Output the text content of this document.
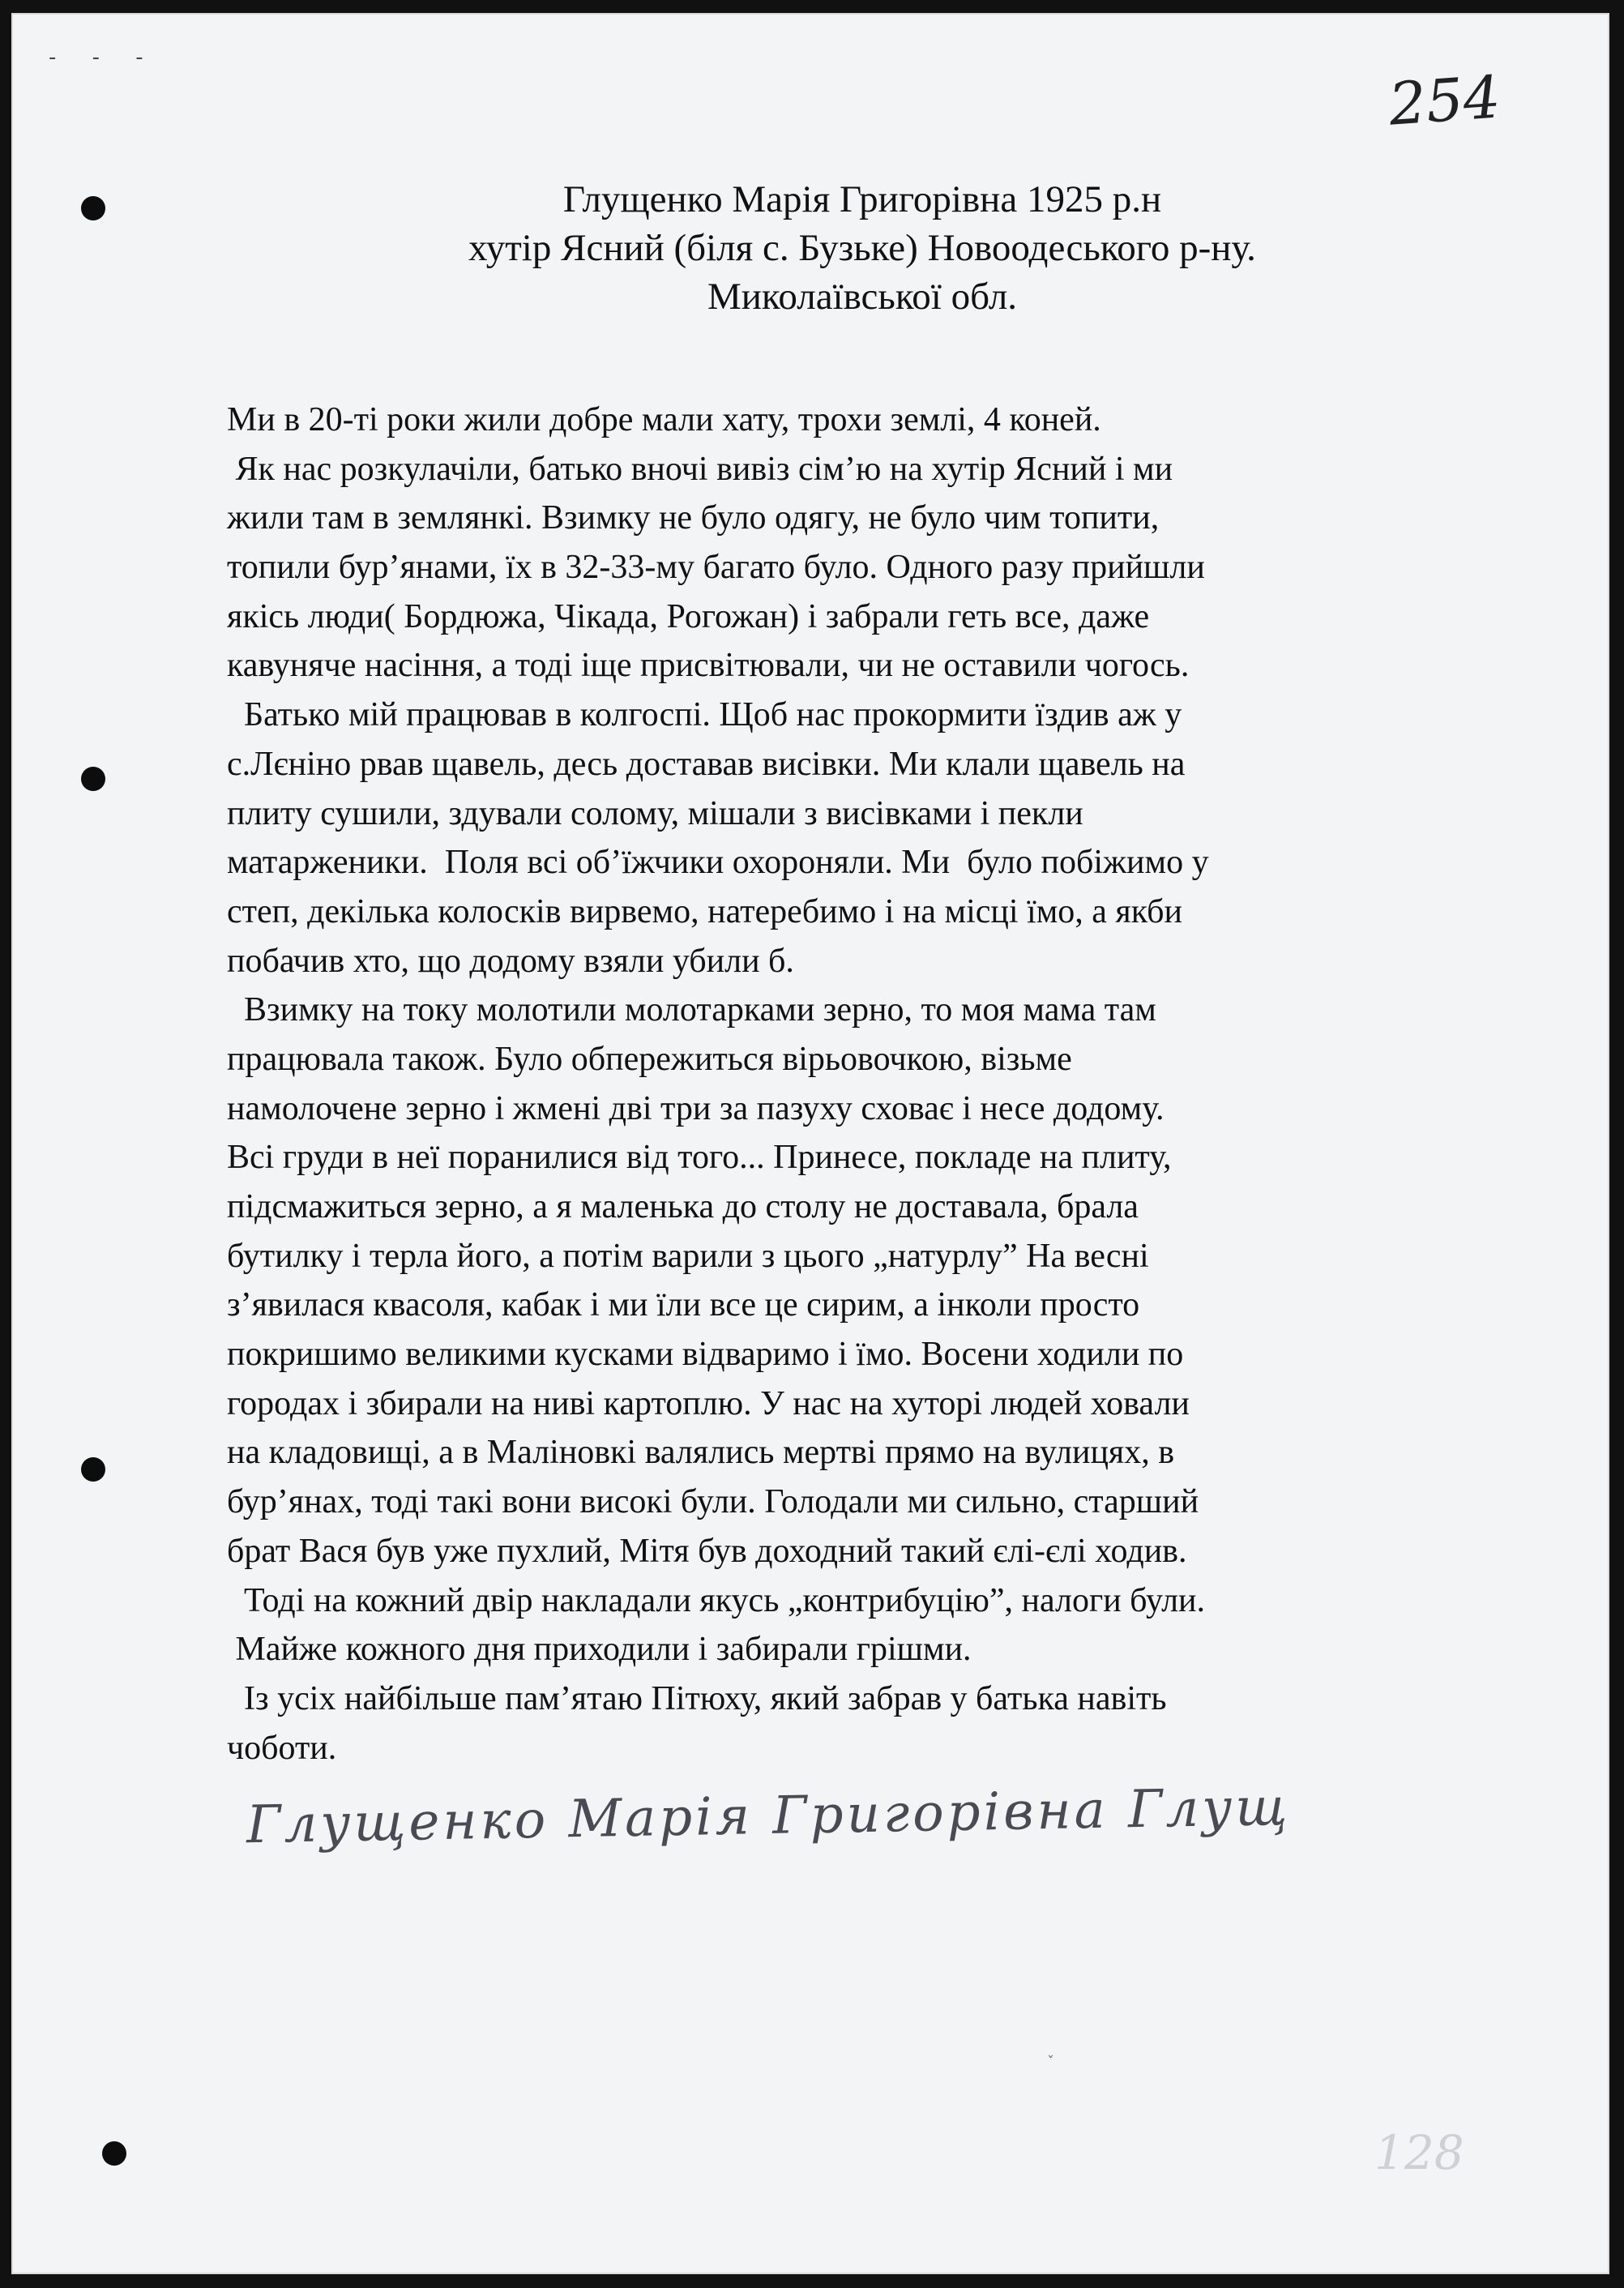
- - -
254
128
Глущенко Марія Григорівна 1925 р.н
хутір Ясний (біля с. Бузьке) Новоодеського р-ну.
Миколаївської обл.
Ми в 20-ті роки жили добре мали хату, трохи землі, 4 коней.
Як нас розкулачіли, батько вночі вивіз сім’ю на хутір Ясний і ми
жили там в землянкі. Взимку не було одягу, не було чим топити,
топили бур’янами, їх в 32-33-му багато було. Одного разу прийшли
якісь люди( Бордюжа, Чікада, Рогожан) і забрали геть все, даже
кавуняче насіння, а тоді іще присвітювали, чи не оставили чогось.
Батько мій працював в колгоспі. Щоб нас прокормити їздив аж у
с.Лєніно рвав щавель, десь доставав висівки. Ми клали щавель на
плиту сушили, здували солому, мішали з висівками і пекли
матарженики.  Поля всі об’їжчики охороняли. Ми  було побіжимо у
степ, декілька колосків вирвемо, натеребимо і на місці їмо, а якби
побачив хто, що додому взяли убили б.
Взимку на току молотили молотарками зерно, то моя мама там
працювала також. Було обпережиться вірьовочкою, візьме
намолочене зерно і жмені дві три за пазуху сховає і несе додому.
Всі груди в неї поранилися від того... Принесе, покладе на плиту,
підсмажиться зерно, а я маленька до столу не доставала, брала
бутилку і терла його, а потім варили з цього „натурлу” На весні
з’явилася квасоля, кабак і ми їли все це сирим, а інколи просто
покришимо великими кусками відваримо і їмо. Восени ходили по
городах і збирали на ниві картоплю. У нас на хуторі людей ховали
на кладовищі, а в Маліновкі валялись мертві прямо на вулицях, в
бур’янах, тоді такі вони високі були. Голодали ми сильно, старший
брат Вася був уже пухлий, Мітя був доходний такий єлі-єлі ходив.
Тоді на кожний двір накладали якусь „контрибуцію”, налоги були.
Майже кожного дня приходили і забирали грішми.
Із усіх найбільше пам’ятаю Пітюху, який забрав у батька навіть
чоботи.
Глущенко Марія Григорівна Глущ
ˇ
